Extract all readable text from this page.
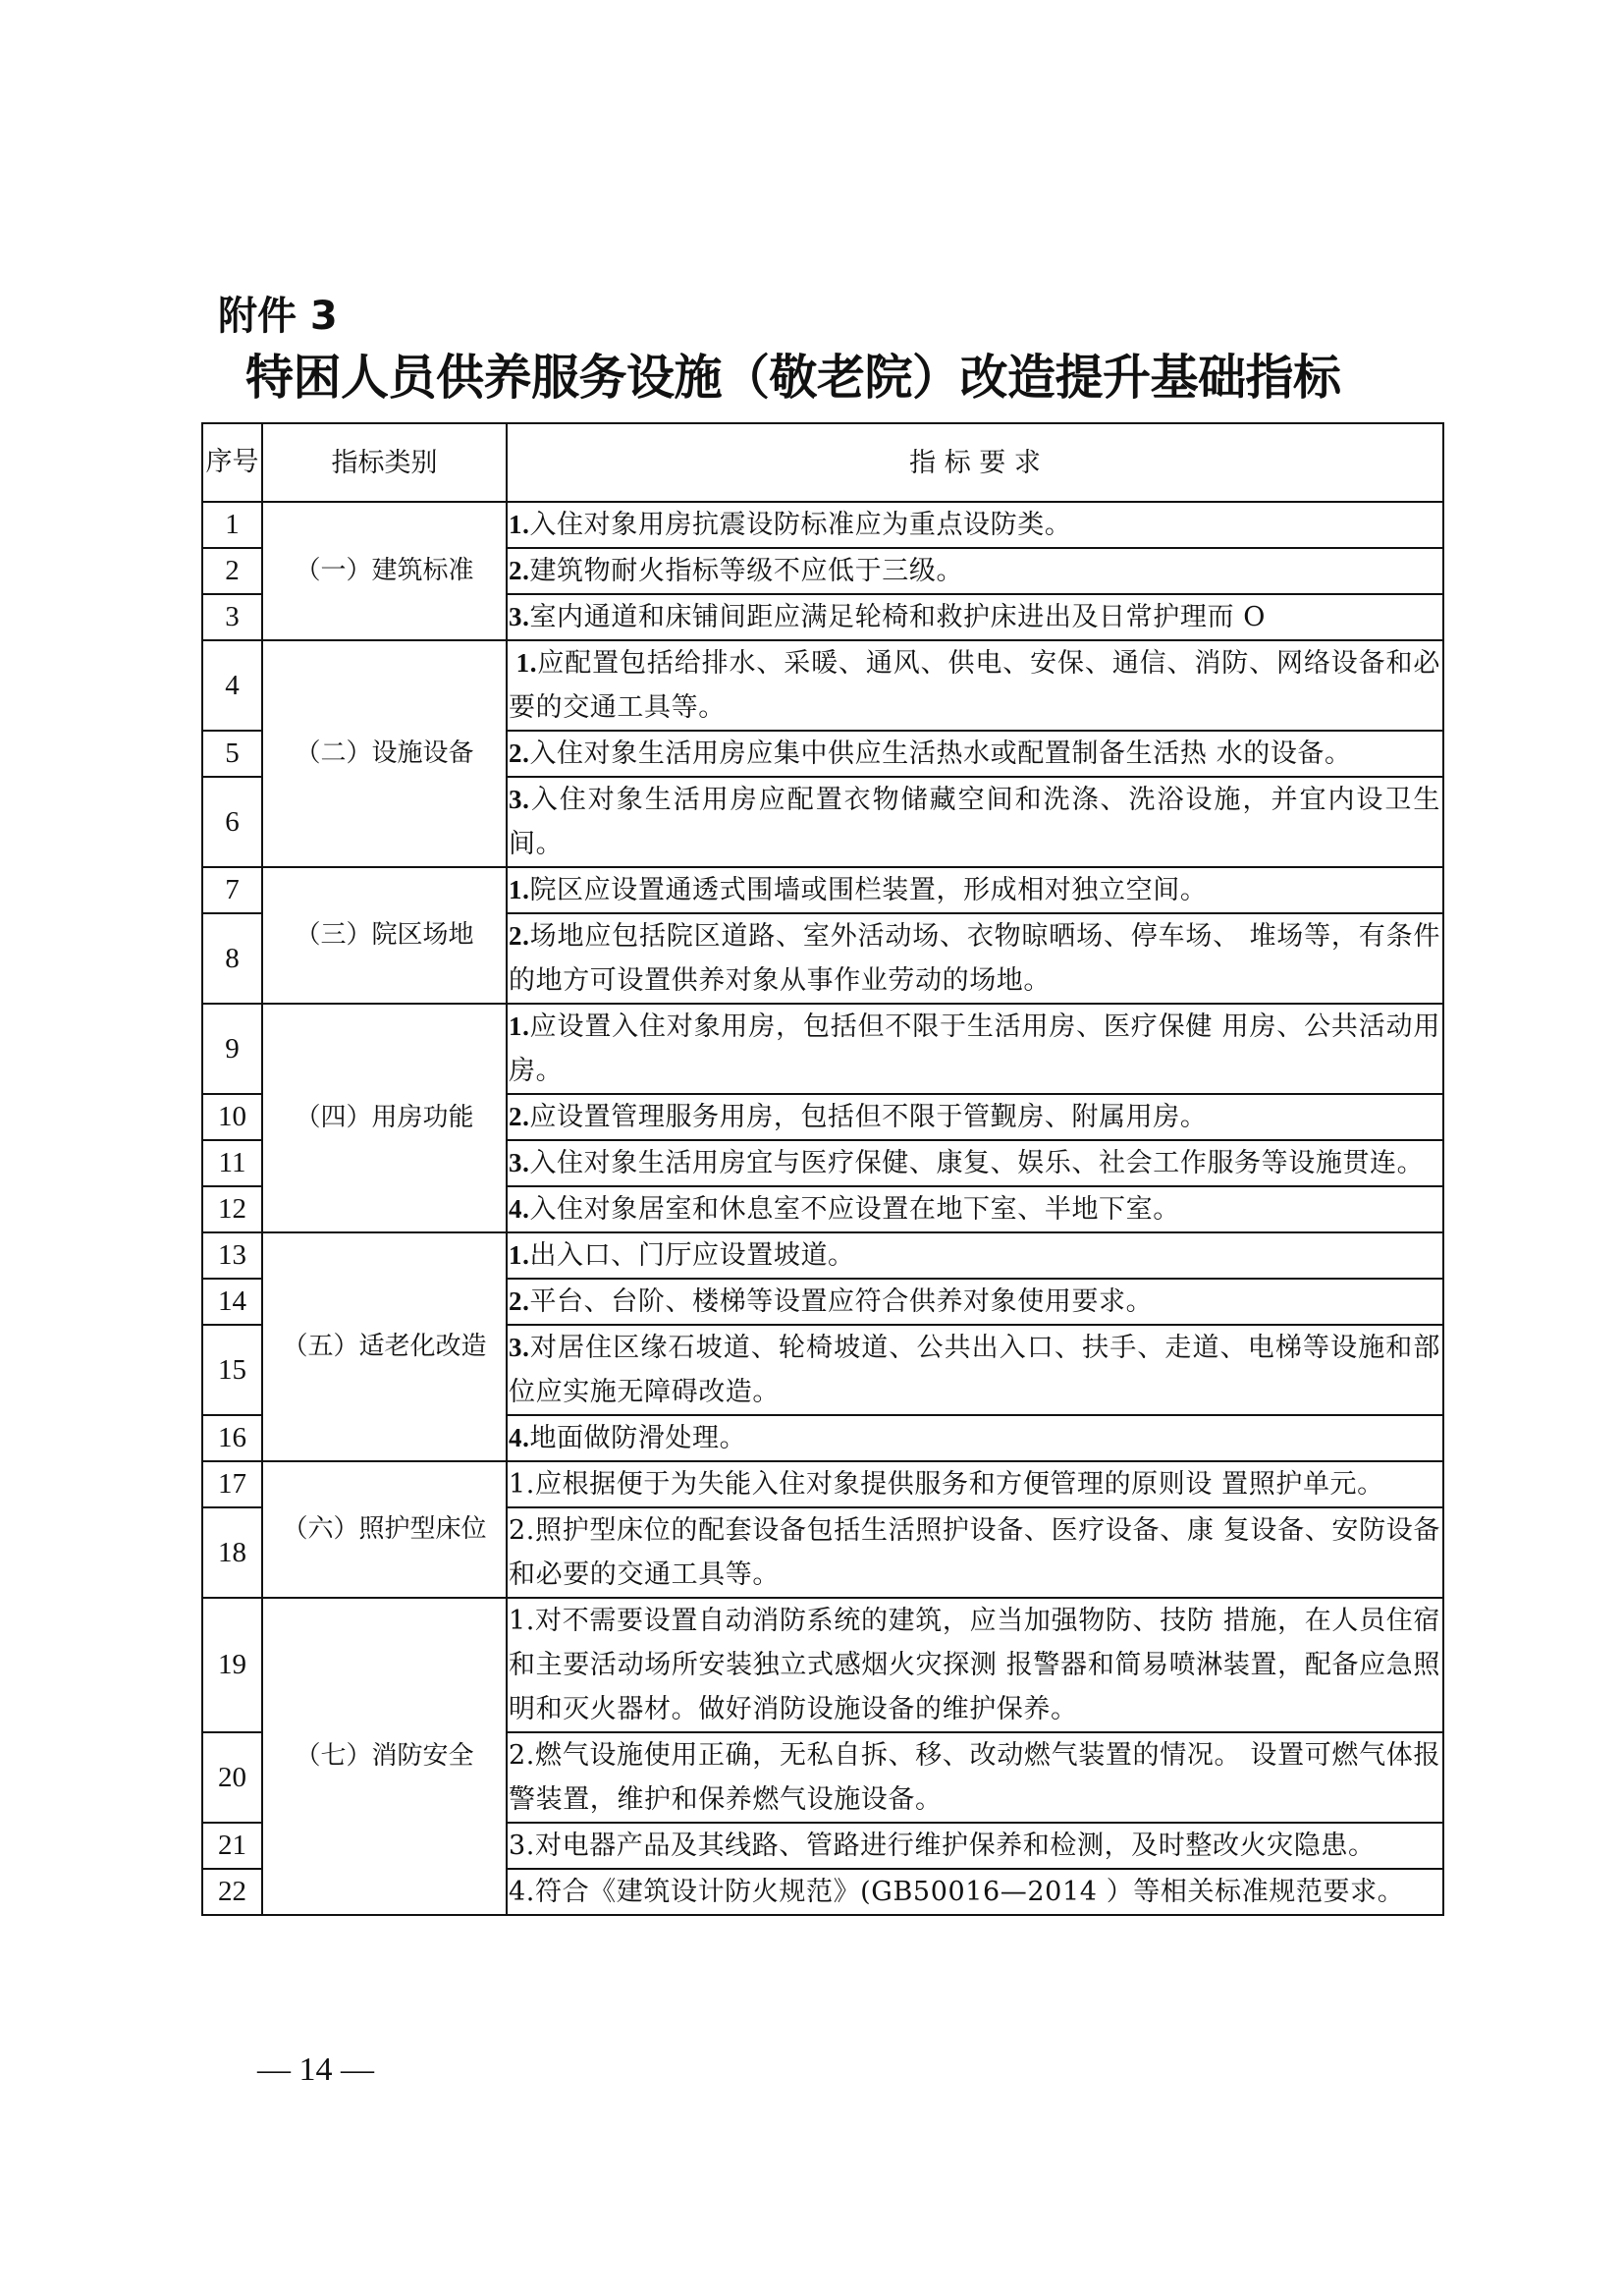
附件 3
特困人员供养服务设施（敬老院）改造提升基础指标
序号	指标类别	指 标 要 求
1	（一）建筑标准	1.入住对象用房抗震设防标准应为重点设防类。
2		2.建筑物耐火指标等级不应低于三级。
3		3.室内通道和床铺间距应满足轮椅和救护床进出及日常护理而 O
4	（二）设施设备	1.应配置包括给排水、采暖、通风、供电、安保、通信、消防、网络设备和必要的交通工具等。
5		2.入住对象生活用房应集中供应生活热水或配置制备生活热 水的设备。
6		3.入住对象生活用房应配置衣物储藏空间和洗涤、洗浴设施，并宜内设卫生间。
7	（三）院区场地	1.院区应设置通透式围墙或围栏装置，形成相对独立空间。
8		2.场地应包括院区道路、室外活动场、衣物晾晒场、停车场、 堆场等，有条件的地方可设置供养对象从事作业劳动的场地。
9	（四）用房功能	1.应设置入住对象用房，包括但不限于生活用房、医疗保健 用房、公共活动用房。
10		2.应设置管理服务用房，包括但不限于管觐房、附属用房。
11		3.入住对象生活用房宜与医疗保健、康复、娱乐、社会工作服务等设施贯连。
12		4.入住对象居室和休息室不应设置在地下室、半地下室。
13	（五）适老化改造	1.出入口、门厅应设置坡道。
14		2.平台、台阶、楼梯等设置应符合供养对象使用要求。
15		3.对居住区缘石坡道、轮椅坡道、公共出入口、扶手、走道、电梯等设施和部位应实施无障碍改造。
16		4.地面做防滑处理。
17	（六）照护型床位	1.应根据便于为失能入住对象提供服务和方便管理的原则设 置照护单元。
18		2.照护型床位的配套设备包括生活照护设备、医疗设备、康 复设备、安防设备和必要的交通工具等。
19	（七）消防安全	1.对不需要设置自动消防系统的建筑，应当加强物防、技防 措施，在人员住宿和主要活动场所安装独立式感烟火灾探测 报警器和简易喷淋装置，配备应急照明和灭火器材。做好消防设施设备的维护保养。
20		2.燃气设施使用正确，无私自拆、移、改动燃气装置的情况。 设置可燃气体报警装置，维护和保养燃气设施设备。
21		3.对电器产品及其线路、管路进行维护保养和检测，及时整改火灾隐患。
22		4.符合《建筑设计防火规范》(GB50016—2014 ）等相关标准规范要求。
— 14 —
